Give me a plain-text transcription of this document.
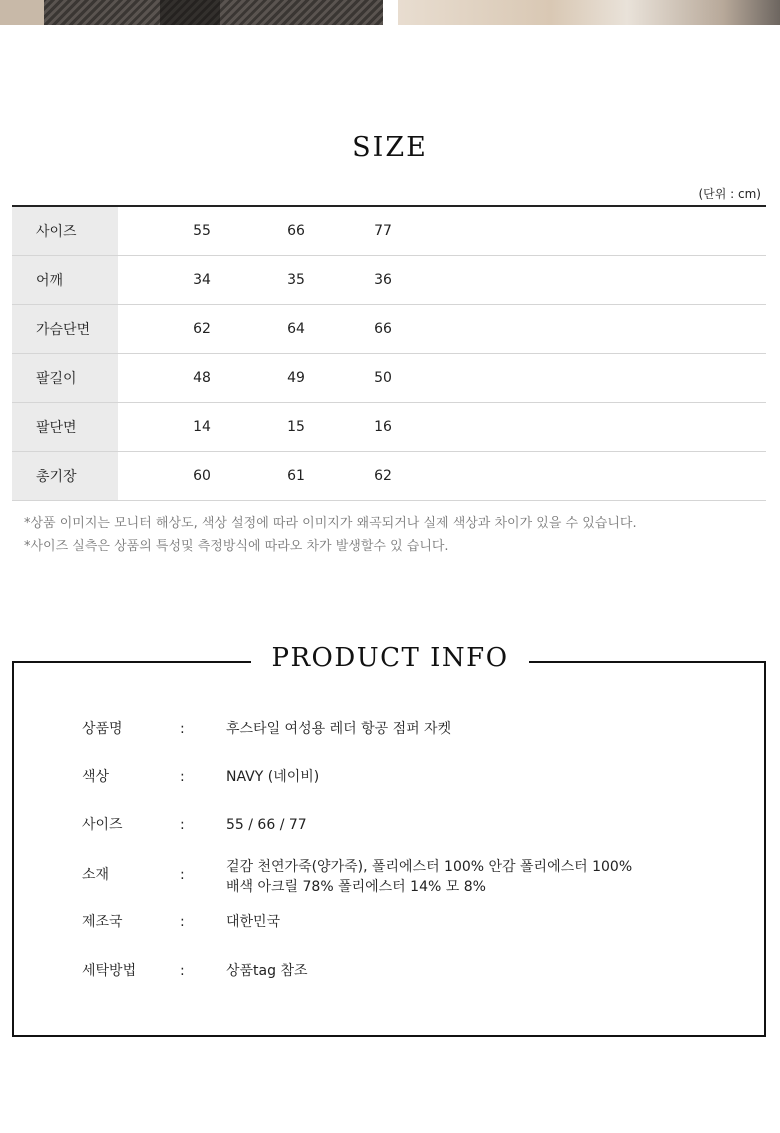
SIZE
(단위 : cm)
사이즈	55	66	77
어깨	34	35	36
가슴단면	62	64	66
팔길이	48	49	50
팔단면	14	15	16
총기장	60	61	62
*상품 이미지는 모니터 해상도, 색상 설정에 따라 이미지가 왜곡되거나 실제 색상과 차이가 있을 수 있습니다.
*사이즈 실측은 상품의 특성및 측정방식에 따라오 차가 발생할수 있 습니다.
상품명	:	후스타일 여성용 레더 항공 점퍼 자켓
색상	:	NAVY (네이비)
사이즈	:	55 / 66 / 77
소재	:	겉감 천연가죽(양가죽), 폴리에스터 100% 안감 폴리에스터 100%
배색 아크릴 78% 폴리에스터 14% 모 8%
제조국	:	대한민국
세탁방법	:	상품tag 참조
PRODUCT INFO
